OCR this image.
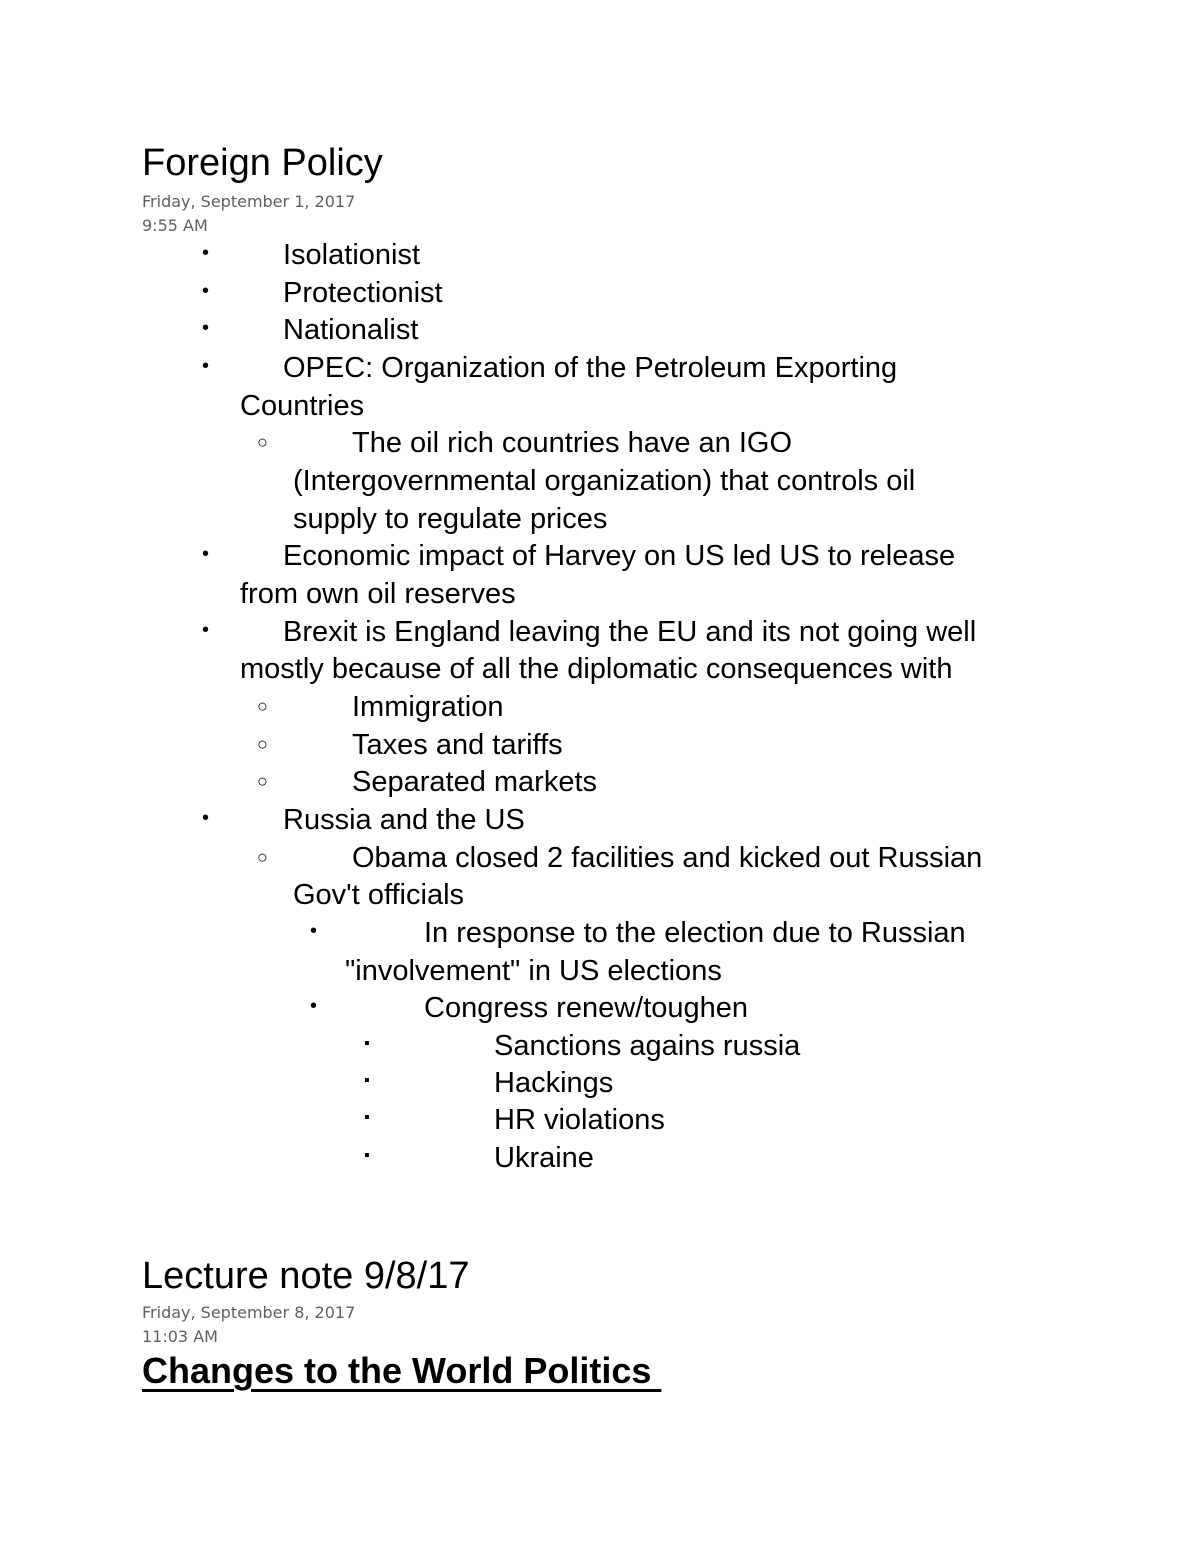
Foreign Policy
Friday, September 1, 2017
9:55 AM
•	Isolationist
•	Protectionist
•	Nationalist
•	OPEC: Organization of the Petroleum Exporting
Countries
○	The oil rich countries have an IGO
(Intergovernmental organization) that controls oil
supply to regulate prices
•	Economic impact of Harvey on US led US to release
from own oil reserves
•	Brexit is England leaving the EU and its not going well
mostly because of all the diplomatic consequences with
○	Immigration
○	Taxes and tariffs
○	Separated markets
•	Russia and the US
○	Obama closed 2 facilities and kicked out Russian
Gov't officials
•	In response to the election due to Russian
"involvement" in US elections
•	Congress renew/toughen
▪	Sanctions agains russia
▪	Hackings
▪	HR violations
▪	Ukraine
Lecture note 9/8/17
Friday, September 8, 2017
11:03 AM
Changes to the World Politics
